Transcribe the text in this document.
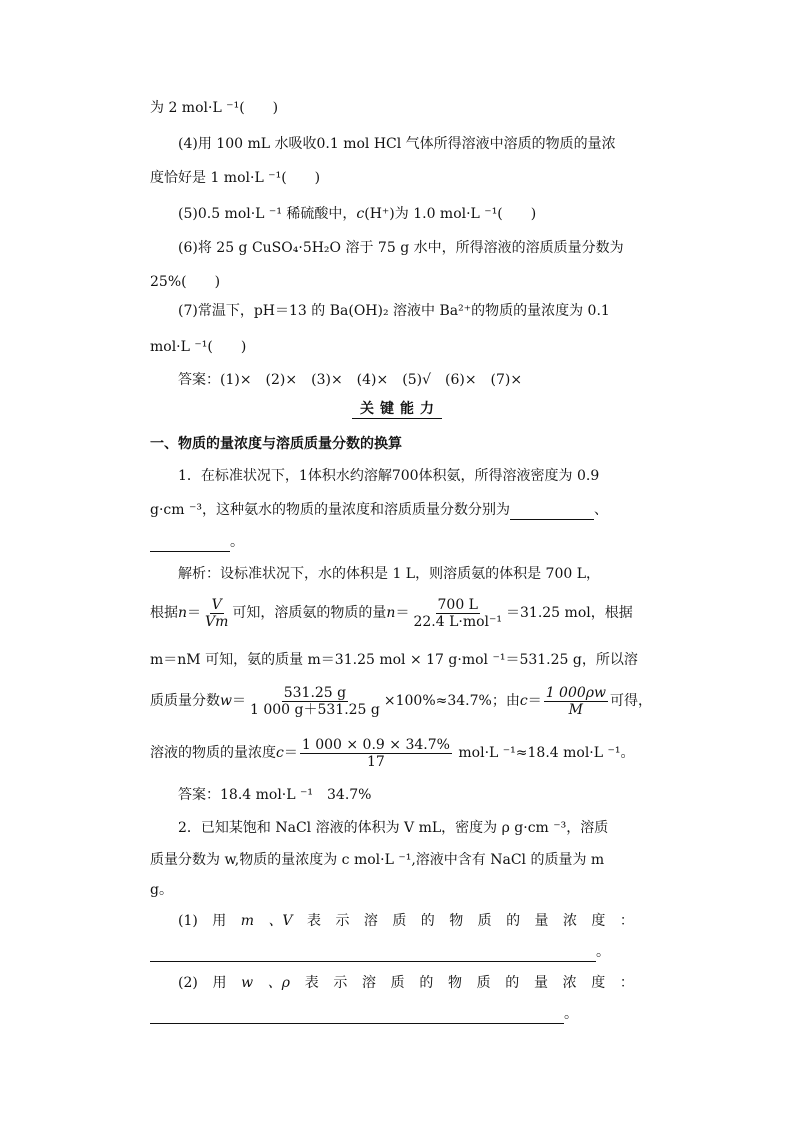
为 2 mol·L ⁻¹(　　)
(4)用 100 mL 水吸收0.1 mol HCl 气体所得溶液中溶质的物质的量浓
度恰好是 1 mol·L ⁻¹(　　)
(5)0.5 mol·L ⁻¹ 稀硫酸中，c(H⁺)为 1.0 mol·L ⁻¹(　　)
(6)将 25 g CuSO₄·5H₂O 溶于 75 g 水中，所得溶液的溶质质量分数为
25%(　　)
(7)常温下，pH＝13 的 Ba(OH)₂ 溶液中 Ba²⁺的物质的量浓度为 0.1
mol·L ⁻¹(　　)
答案：(1)×　(2)×　(3)×　(4)×　(5)√　(6)×　(7)×
关键能力
一、物质的量浓度与溶质质量分数的换算
1．在标准状况下，1体积水约溶解700体积氨，所得溶液密度为 0.9
g·cm ⁻³，这种氨水的物质的量浓度和溶质质量分数分别为	、
。
解析：设标准状况下，水的体积是 1 L，则溶质氨的体积是 700 L，
根据$n= \frac{V}{Vm}$ 可知，溶质氨的物质的量$n= \frac{700 L}{\text{22.4 L·mol⁻¹}} =31.25$ mol，根据
m＝nM 可知，氨的质量 m＝31.25 mol × 17 g·mol ⁻¹＝531.25 g，所以溶
质质量分数$w= \frac{531.25 g}{1 000 g+531.25 g} \times 100\%\approx 34.7\%$；由$c= \frac{1 000\rho w}{M}$ 可得，
溶液的物质的量浓度$c= \frac{1 000 \times 0.9 \times 34.7\%}{17} mol\cdot L$ ⁻¹≈18.4 mol·L ⁻¹。
答案：18.4 mol·L ⁻¹　34.7%
2．已知某饱和 NaCl 溶液的体积为 V mL，密度为 ρ g·cm ⁻³，溶质
质量分数为 w,物质的量浓度为 c mol·L ⁻¹,溶液中含有 NaCl 的质量为 m
g。
(1) 用 m 、V 表 示 溶 质 的 物 质 的 量 浓 度 ：
。
(2) 用 w 、ρ 表 示 溶 质 的 物 质 的 量 浓 度 ：
。
